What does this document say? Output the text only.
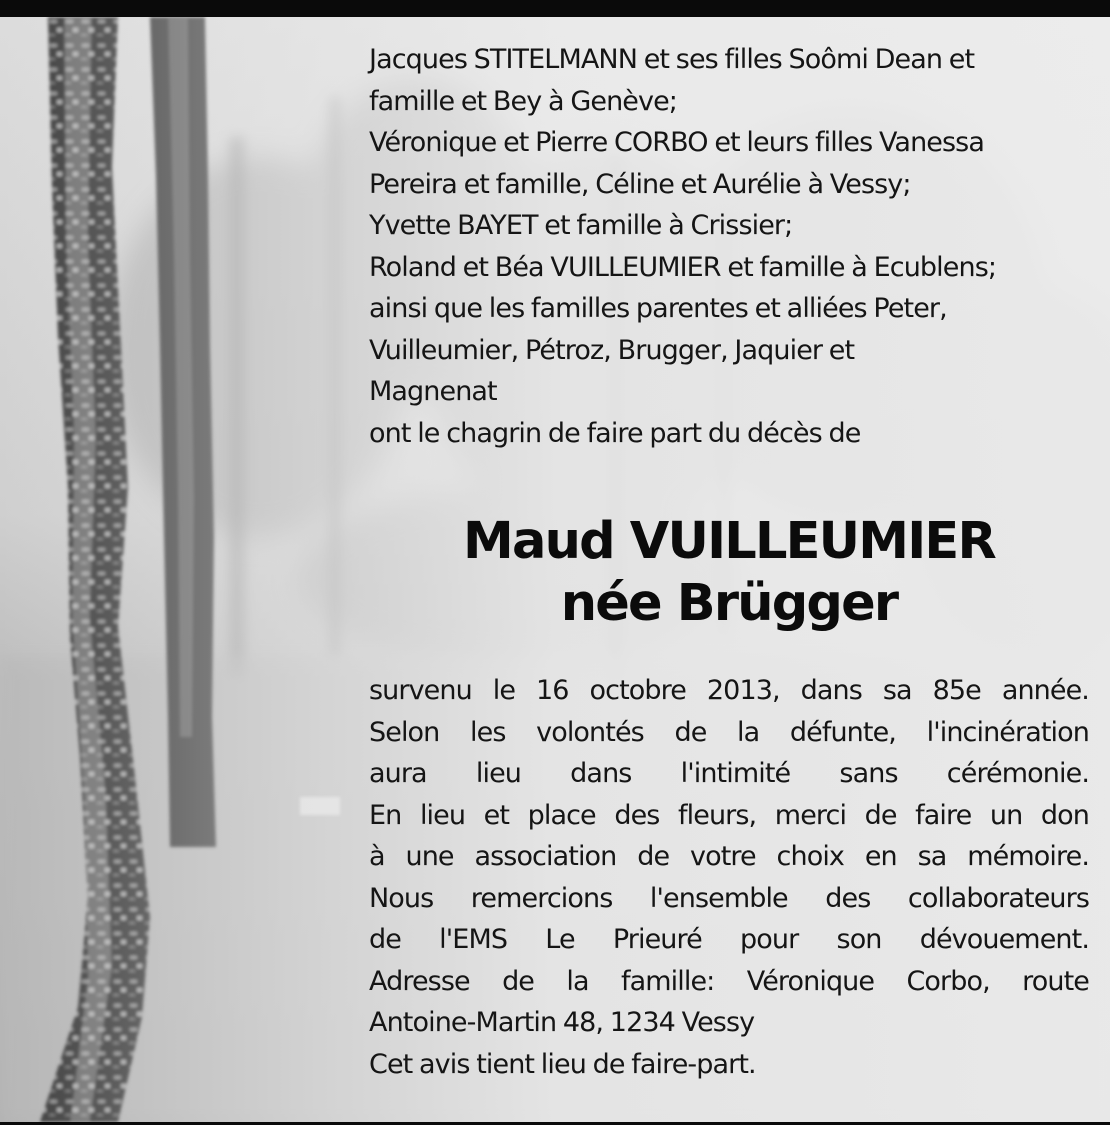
Jacques STITELMANN et ses filles Soômi Dean et
famille et Bey à Genève;
Véronique et Pierre CORBO et leurs filles Vanessa
Pereira et famille, Céline et Aurélie à Vessy;
Yvette BAYET et famille à Crissier;
Roland et Béa VUILLEUMIER et famille à Ecublens;
ainsi que les familles parentes et alliées Peter,
Vuilleumier, Pétroz, Brugger, Jaquier et
Magnenat
ont le chagrin de faire part du décès de
Maud VUILLEUMIER
née Brügger
survenu le 16 octobre 2013, dans sa 85e année.
Selon les volontés de la défunte, l'incinération
aura lieu dans l'intimité sans cérémonie.
En lieu et place des fleurs, merci de faire un don
à une association de votre choix en sa mémoire.
Nous remercions l'ensemble des collaborateurs
de l'EMS Le Prieuré pour son dévouement.
Adresse de la famille: Véronique Corbo, route
Antoine-Martin 48, 1234 Vessy
Cet avis tient lieu de faire-part.
